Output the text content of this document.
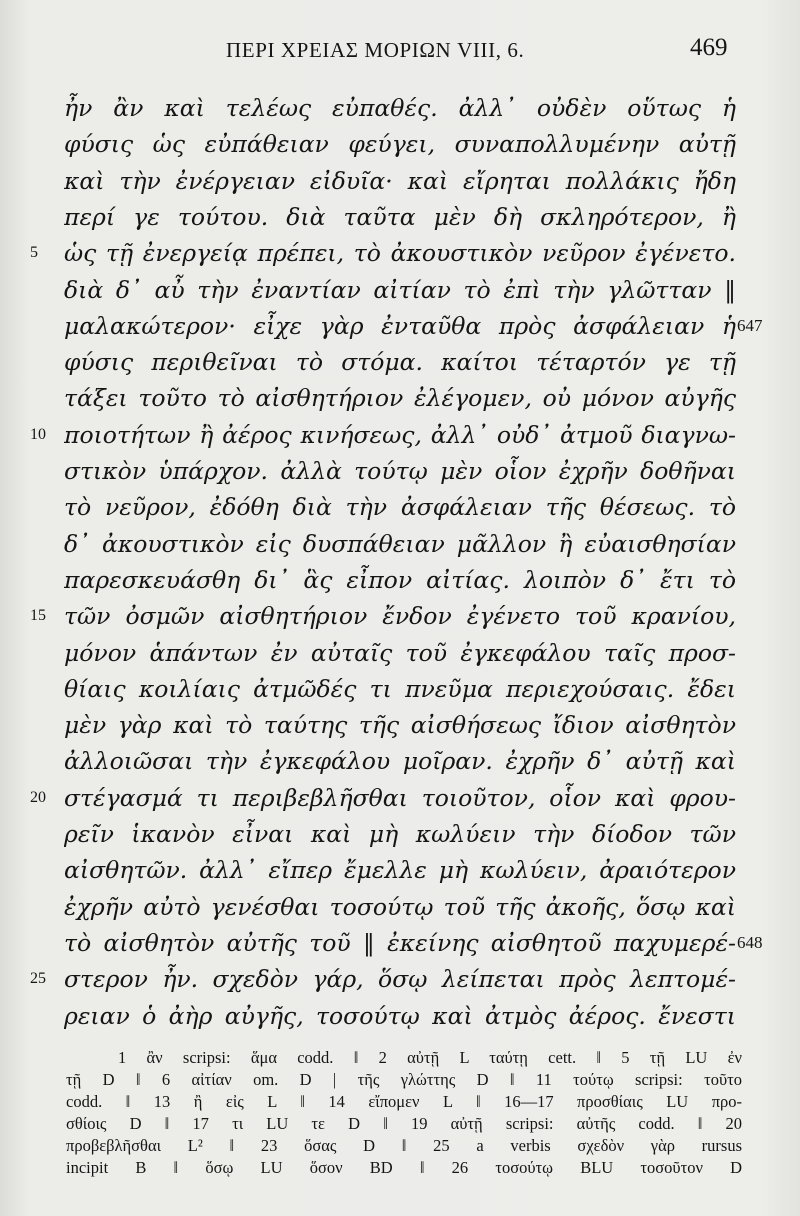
ΠΕΡΙ ΧΡΕΙΑΣ ΜΟΡΙΩΝ VIII, 6.	469
ἦν ἂν καὶ τελέως εὐπαθές. ἀλλ᾽ οὐδὲν οὕτως ἡ
φύσις ὡς εὐπάθειαν φεύγει, συναπολλυμένην αὐτῇ
καὶ τὴν ἐνέργειαν εἰδυῖα· καὶ εἴρηται πολλάκις ἤδη
περί γε τούτου. διὰ ταῦτα μὲν δὴ σκληρότερον, ἢ
5 ὡς τῇ ἐνεργείᾳ πρέπει, τὸ ἀκουστικὸν νεῦρον ἐγένετο.
διὰ δ᾽ αὖ τὴν ἐναντίαν αἰτίαν τὸ ἐπὶ τὴν γλῶτταν ‖
μαλακώτερον· εἶχε γὰρ ἐνταῦθα πρὸς ἀσφάλειαν ἡ 647
φύσις περιθεῖναι τὸ στόμα. καίτοι τέταρτόν γε τῇ
τάξει τοῦτο τὸ αἰσθητήριον ἐλέγομεν, οὐ μόνον αὐγῆς
10 ποιοτήτων ἢ ἀέρος κινήσεως, ἀλλ᾽ οὐδ᾽ ἀτμοῦ διαγνω-
στικὸν ὑπάρχον. ἀλλὰ τούτῳ μὲν οἷον ἐχρῆν δοθῆναι
τὸ νεῦρον, ἐδόθη διὰ τὴν ἀσφάλειαν τῆς θέσεως. τὸ
δ᾽ ἀκουστικὸν εἰς δυσπάθειαν μᾶλλον ἢ εὐαισθησίαν
παρεσκευάσθη δι᾽ ἃς εἶπον αἰτίας. λοιπὸν δ᾽ ἔτι τὸ
15 τῶν ὀσμῶν αἰσθητήριον ἔνδον ἐγένετο τοῦ κρανίου,
μόνον ἁπάντων ἐν αὐταῖς τοῦ ἐγκεφάλου ταῖς προσ-
θίαις κοιλίαις ἀτμῶδές τι πνεῦμα περιεχούσαις. ἔδει
μὲν γὰρ καὶ τὸ ταύτης τῆς αἰσθήσεως ἴδιον αἰσθητὸν
ἀλλοιῶσαι τὴν ἐγκεφάλου μοῖραν. ἐχρῆν δ᾽ αὐτῇ καὶ
20 στέγασμά τι περιβεβλῆσθαι τοιοῦτον, οἷον καὶ φρου-
ρεῖν ἱκανὸν εἶναι καὶ μὴ κωλύειν τὴν δίοδον τῶν
αἰσθητῶν. ἀλλ᾽ εἴπερ ἔμελλε μὴ κωλύειν, ἀραιότερον
ἐχρῆν αὐτὸ γενέσθαι τοσούτῳ τοῦ τῆς ἀκοῆς, ὅσῳ καὶ
τὸ αἰσθητὸν αὐτῆς τοῦ ‖ ἐκείνης αἰσθητοῦ παχυμερέ- 648
25 στερον ἦν. σχεδὸν γάρ, ὅσῳ λείπεται πρὸς λεπτομέ-
ρειαν ὁ ἀὴρ αὐγῆς, τοσούτῳ καὶ ἀτμὸς ἀέρος. ἔνεστι
1 ἂν scripsi: ἅμα codd. ‖ 2 αὐτῇ L ταύτῃ cett. ‖ 5 τῇ LU ἐν
τῇ D ‖ 6 αἰτίαν om. D | τῆς γλώττης D ‖ 11 τούτῳ scripsi: τοῦτο
codd. ‖ 13 ἢ εἰς L ‖ 14 εἴπομεν L ‖ 16—17 προσθίαις LU προ-
σθίοις D ‖ 17 τι LU τε D ‖ 19 αὐτῇ scripsi: αὐτῆς codd. ‖ 20
προβεβλῆσθαι L² ‖ 23 ὅσας D ‖ 25 a verbis σχεδὸν γὰρ rursus
incipit B ‖ ὅσῳ LU ὅσον BD ‖ 26 τοσούτῳ BLU τοσοῦτον D
